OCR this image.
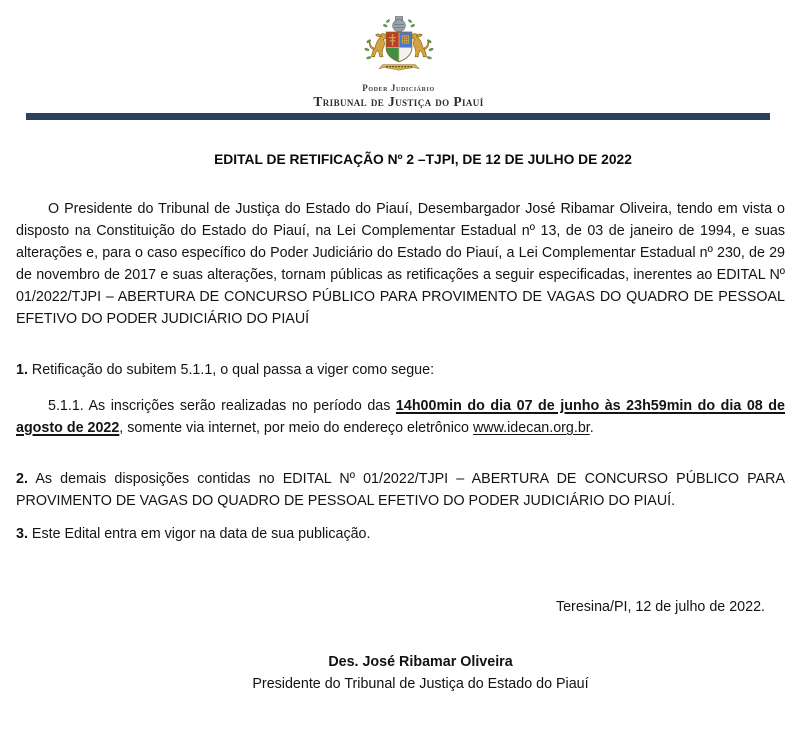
Poder Judiciário
Tribunal de Justiça do Piauí
EDITAL DE RETIFICAÇÃO Nº 2 –TJPI, DE 12 DE JULHO DE 2022

O Presidente do Tribunal de Justiça do Estado do Piauí, Desembargador José Ribamar Oliveira, tendo em vista o disposto na Constituição do Estado do Piauí, na Lei Complementar Estadual nº 13, de 03 de janeiro de 1994, e suas alterações e, para o caso específico do Poder Judiciário do Estado do Piauí, a Lei Complementar Estadual nº 230, de 29 de novembro de 2017 e suas alterações, tornam públicas as retificações a seguir especificadas, inerentes ao EDITAL Nº 01/2022/TJPI – ABERTURA DE CONCURSO PÚBLICO PARA PROVIMENTO DE VAGAS DO QUADRO DE PESSOAL EFETIVO DO PODER JUDICIÁRIO DO PIAUÍ

1. Retificação do subitem 5.1.1, o qual passa a viger como segue:

5.1.1. As inscrições serão realizadas no período das 14h00min do dia 07 de junho às 23h59min do dia 08 de agosto de 2022, somente via internet, por meio do endereço eletrônico www.idecan.org.br.

2. As demais disposições contidas no EDITAL Nº 01/2022/TJPI – ABERTURA DE CONCURSO PÚBLICO PARA PROVIMENTO DE VAGAS DO QUADRO DE PESSOAL EFETIVO DO PODER JUDICIÁRIO DO PIAUÍ.

3. Este Edital entra em vigor na data de sua publicação.

Teresina/PI, 12 de julho de 2022.

Des. José Ribamar Oliveira
Presidente do Tribunal de Justiça do Estado do Piauí
